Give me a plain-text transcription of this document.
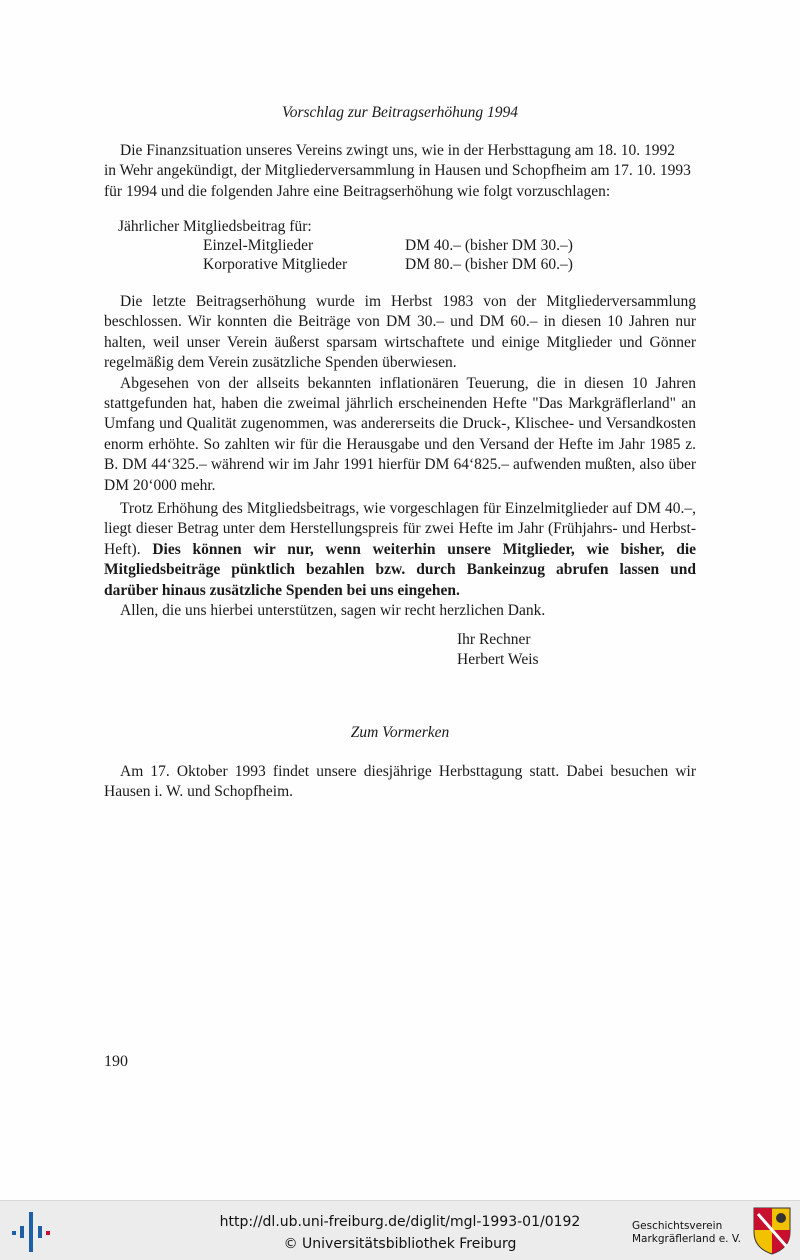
Vorschlag zur Beitragserhöhung 1994

Die Finanzsituation unseres Vereins zwingt uns, wie in der Herbsttagung am 18. 10. 1992

in Wehr angekündigt, der Mitgliederversammlung in Hausen und Schopfheim am 17. 10. 1993

für 1994 und die folgenden Jahre eine Beitragserhöhung wie folgt vorzuschlagen:

Jährlicher Mitgliedsbeitrag für:
Einzel-Mitglieder	DM 40.– (bisher DM 30.–)
Korporative Mitglieder	DM 80.– (bisher DM 60.–)

Die letzte Beitragserhöhung wurde im Herbst 1983 von der Mitgliederversammlung beschlossen. Wir konnten die Beiträge von DM 30.– und DM 60.– in diesen 10 Jahren nur halten, weil unser Verein äußerst sparsam wirtschaftete und einige Mitglieder und Gönner regelmäßig dem Verein zusätzliche Spenden überwiesen.

Abgesehen von der allseits bekannten inflationären Teuerung, die in diesen 10 Jahren stattgefunden hat, haben die zweimal jährlich erscheinenden Hefte "Das Markgräflerland" an Umfang und Qualität zugenommen, was andererseits die Druck-, Klischee- und Versandkosten enorm erhöhte. So zahlten wir für die Herausgabe und den Versand der Hefte im Jahr 1985 z. B. DM 44‘325.– während wir im Jahr 1991 hierfür DM 64‘825.– aufwenden mußten, also über DM 20‘000 mehr.

Trotz Erhöhung des Mitgliedsbeitrags, wie vorgeschlagen für Einzelmitglieder auf DM 40.–, liegt dieser Betrag unter dem Herstellungspreis für zwei Hefte im Jahr (Frühjahrs- und Herbst-Heft). Dies können wir nur, wenn weiterhin unsere Mitglieder, wie bisher, die Mitgliedsbeiträge pünktlich bezahlen bzw. durch Bankeinzug abrufen lassen und darüber hinaus zusätzliche Spenden bei uns eingehen.

Allen, die uns hierbei unterstützen, sagen wir recht herzlichen Dank.

Ihr Rechner
Herbert Weis
Zum Vormerken

Am 17. Oktober 1993 findet unsere diesjährige Herbsttagung statt. Dabei besuchen wir Hausen i. W. und Schopfheim.

190
http://dl.ub.uni-freiburg.de/diglit/mgl-1993-01/0192
© Universitätsbibliothek Freiburg
Geschichtsverein
Markgräflerland e. V.
